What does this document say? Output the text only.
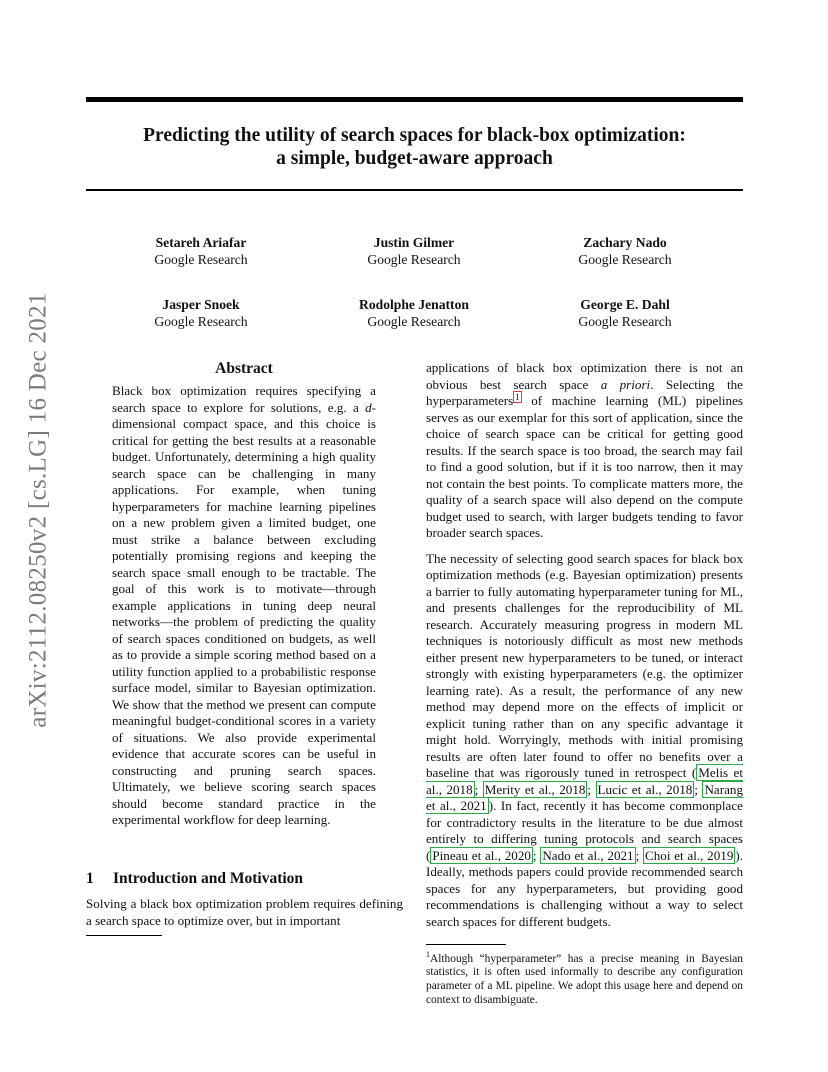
Predicting the utility of search spaces for black-box optimization:
a simple, budget-aware approach
Setareh Ariafar
Google Research
Justin Gilmer
Google Research
Zachary Nado
Google Research
Jasper Snoek
Google Research
Rodolphe Jenatton
Google Research
George E. Dahl
Google Research
arXiv:2112.08250v2 [cs.LG] 16 Dec 2021	Abstract
Black box optimization requires specifying a search space to explore for solutions, e.g. a d-dimensional compact space, and this choice is critical for getting the best results at a reasonable budget. Unfortunately, determining a high quality search space can be challenging in many applications. For example, when tuning hyperparameters for machine learning pipelines on a new problem given a limited budget, one must strike a balance between excluding potentially promising regions and keeping the search space small enough to be tractable. The goal of this work is to motivate—through example applications in tuning deep neural networks—the problem of predicting the quality of search spaces conditioned on budgets, as well as to provide a simple scoring method based on a utility function applied to a probabilistic response surface model, similar to Bayesian optimization. We show that the method we present can compute meaningful budget-conditional scores in a variety of situations. We also provide experimental evidence that accurate scores can be useful in constructing and pruning search spaces. Ultimately, we believe scoring search spaces should become standard practice in the experimental workflow for deep learning.
1 Introduction and Motivation
Solving a black box optimization problem requires defining a search space to optimize over, but in important

applications of black box optimization there is not an obvious best search space a priori. Selecting the hyperparameters $^1$ of machine learning (ML) pipelines serves as our exemplar for this sort of application, since the choice of search space can be critical for getting good results. If the search space is too broad, the search may fail to find a good solution, but if it is too narrow, then it may not contain the best points. To complicate matters more, the quality of a search space will also depend on the compute budget used to search, with larger budgets tending to favor broader search spaces.

The necessity of selecting good search spaces for black box optimization methods (e.g. Bayesian optimization) presents a barrier to fully automating hyperparameter tuning for ML, and presents challenges for the reproducibility of ML research. Accurately measuring progress in modern ML techniques is notoriously difficult as most new methods either present new hyperparameters to be tuned, or interact strongly with existing hyperparameters (e.g. the optimizer learning rate). As a result, the performance of any new method may depend more on the effects of implicit or explicit tuning rather than on any specific advantage it might hold. Worryingly, methods with initial promising results are often later found to offer no benefits over a baseline that was rigorously tuned in retrospect ( Melis et al., 2018 ; Merity et al., 2018 ; Lucic et al., 2018 ; Narang et al., 2021 ). In fact, recently it has become commonplace for contradictory results in the literature to be due almost entirely to differing tuning protocols and search spaces ( Pineau et al., 2020 ; Nado et al., 2021 ; Choi et al., 2019 ). Ideally, methods papers could provide recommended search spaces for any hyperparameters, but providing good recommendations is challenging without a way to select search spaces for different budgets.

$^1$Although “hyperparameter” has a precise meaning in Bayesian statistics, it is often used informally to describe any configuration parameter of a ML pipeline. We adopt this usage here and depend on context to disambiguate.
